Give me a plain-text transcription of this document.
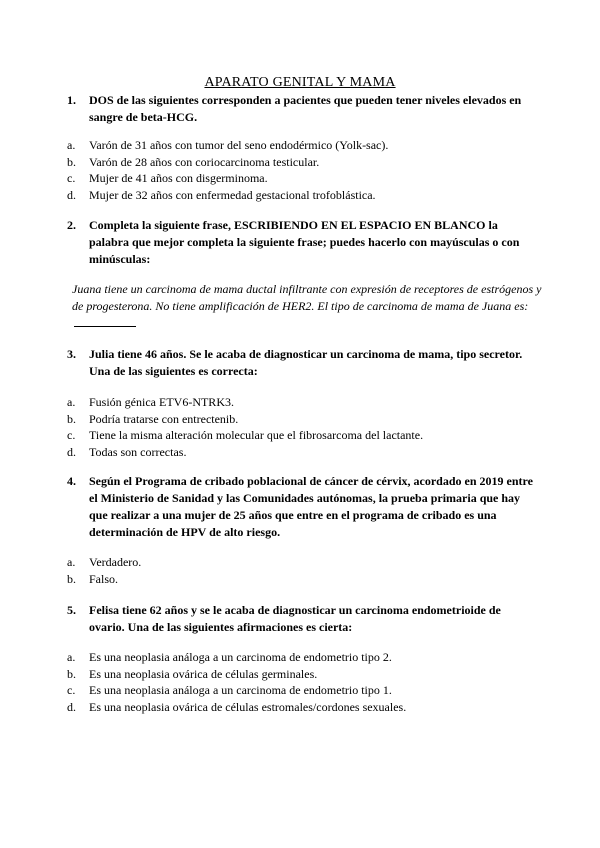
APARATO GENITAL Y MAMA
1. DOS de las siguientes corresponden a pacientes que pueden tener niveles elevados en sangre de beta-HCG.
a. Varón de 31 años con tumor del seno endodérmico (Yolk-sac).
b. Varón de 28 años con coriocarcinoma testicular.
c. Mujer de 41 años con disgerminoma.
d. Mujer de 32 años con enfermedad gestacional trofoblástica.
2. Completa la siguiente frase, ESCRIBIENDO EN EL ESPACIO EN BLANCO la palabra que mejor completa la siguiente frase; puedes hacerlo con mayúsculas o con minúsculas:
Juana tiene un carcinoma de mama ductal infiltrante con expresión de receptores de estrógenos y de progesterona. No tiene amplificación de HER2. El tipo de carcinoma de mama de Juana es:
3. Julia tiene 46 años. Se le acaba de diagnosticar un carcinoma de mama, tipo secretor. Una de las siguientes es correcta:
a. Fusión génica ETV6-NTRK3.
b. Podría tratarse con entrectenib.
c. Tiene la misma alteración molecular que el fibrosarcoma del lactante.
d. Todas son correctas.
4. Según el Programa de cribado poblacional de cáncer de cérvix, acordado en 2019 entre el Ministerio de Sanidad y las Comunidades autónomas, la prueba primaria que hay que realizar a una mujer de 25 años que entre en el programa de cribado es una determinación de HPV de alto riesgo.
a. Verdadero.
b. Falso.
5. Felisa tiene 62 años y se le acaba de diagnosticar un carcinoma endometrioide de ovario. Una de las siguientes afirmaciones es cierta:
a. Es una neoplasia análoga a un carcinoma de endometrio tipo 2.
b. Es una neoplasia ovárica de células germinales.
c. Es una neoplasia análoga a un carcinoma de endometrio tipo 1.
d. Es una neoplasia ovárica de células estromales/cordones sexuales.
